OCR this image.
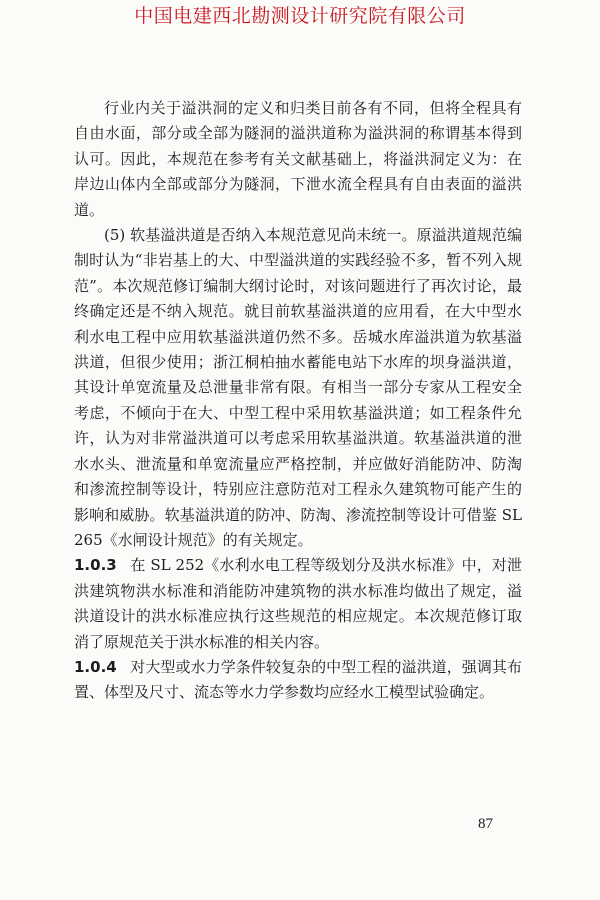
中国电建西北勘测设计研究院有限公司

行业内关于溢洪洞的定义和归类目前各有不同，但将全程具有自由水面，部分或全部为隧洞的溢洪道称为溢洪洞的称谓基本得到认可。因此，本规范在参考有关文献基础上，将溢洪洞定义为：在岸边山体内全部或部分为隧洞，下泄水流全程具有自由表面的溢洪道。

(5) 软基溢洪道是否纳入本规范意见尚未统一。原溢洪道规范编制时认为“非岩基上的大、中型溢洪道的实践经验不多，暂不列入规范”。本次规范修订编制大纲讨论时，对该问题进行了再次讨论，最终确定还是不纳入规范。就目前软基溢洪道的应用看，在大中型水利水电工程中应用软基溢洪道仍然不多。岳城水库溢洪道为软基溢洪道，但很少使用；浙江桐柏抽水蓄能电站下水库的坝身溢洪道，其设计单宽流量及总泄量非常有限。有相当一部分专家从工程安全考虑，不倾向于在大、中型工程中采用软基溢洪道；如工程条件允许，认为对非常溢洪道可以考虑采用软基溢洪道。软基溢洪道的泄水水头、泄流量和单宽流量应严格控制，并应做好消能防冲、防淘和渗流控制等设计，特别应注意防范对工程永久建筑物可能产生的影响和威胁。软基溢洪道的防冲、防淘、渗流控制等设计可借鉴 SL 265《水闸设计规范》的有关规定。

1.0.3 在 SL 252《水利水电工程等级划分及洪水标准》中，对泄洪建筑物洪水标准和消能防冲建筑物的洪水标准均做出了规定，溢洪道设计的洪水标准应执行这些规范的相应规定。本次规范修订取消了原规范关于洪水标准的相关内容。

1.0.4 对大型或水力学条件较复杂的中型工程的溢洪道，强调其布置、体型及尺寸、流态等水力学参数均应经水工模型试验确定。

87
